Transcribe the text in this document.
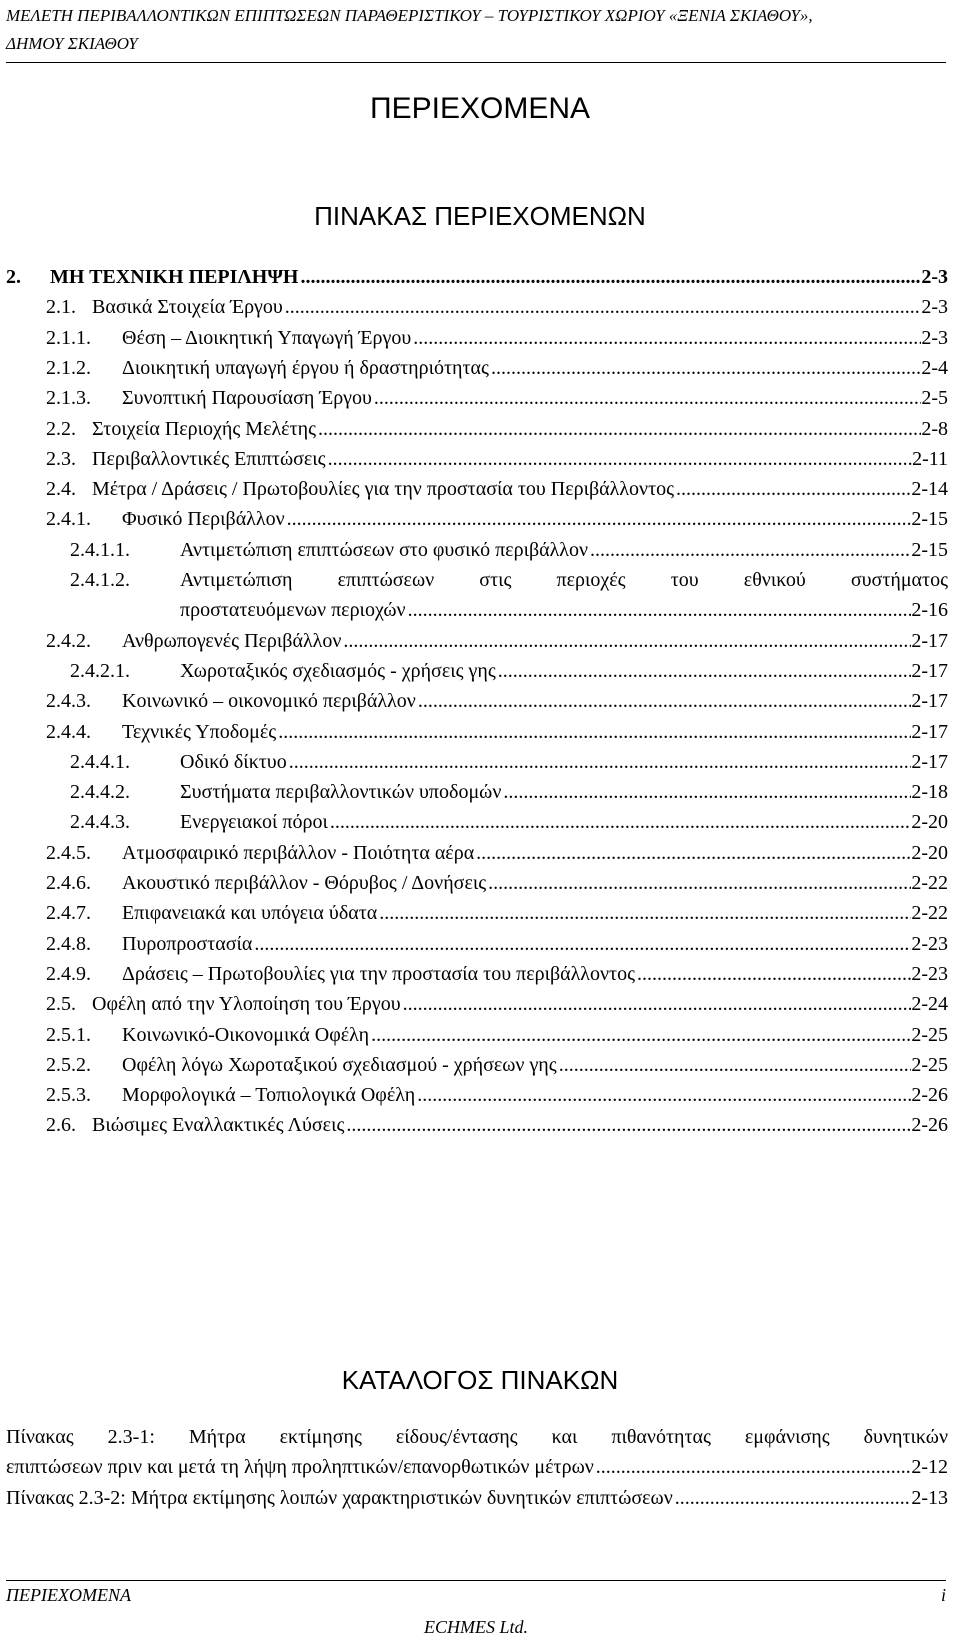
ΜΕΛΕΤΗ ΠΕΡΙΒΑΛΛΟΝΤΙΚΩΝ ΕΠΙΠΤΩΣΕΩΝ ΠΑΡΑΘΕΡΙΣΤΙΚΟΥ – ΤΟΥΡΙΣΤΙΚΟΥ ΧΩΡΙΟΥ «ΞΕΝΙΑ ΣΚΙΑΘΟΥ»,
ΔΗΜΟΥ ΣΚΙΑΘΟΥ
ΠΕΡΙΕΧΟΜΕΝΑ
ΠΙΝΑΚΑΣ ΠΕΡΙΕΧΟΜΕΝΩΝ
2. ΜΗ ΤΕΧΝΙΚΗ ΠΕΡΙΛΗΨΗ .....	2-3
2.1. Βασικά Στοιχεία Έργου .....	2-3
2.1.1. Θέση – Διοικητική Υπαγωγή Έργου .....	2-3
2.1.2. Διοικητική υπαγωγή έργου ή δραστηριότητας .....	2-4
2.1.3. Συνοπτική Παρουσίαση Έργου .....	2-5
2.2. Στοιχεία Περιοχής Μελέτης .....	2-8
2.3. Περιβαλλοντικές Επιπτώσεις .....	2-11
2.4. Μέτρα / Δράσεις / Πρωτοβουλίες για την προστασία του Περιβάλλοντος .....	2-14
2.4.1. Φυσικό Περιβάλλον .....	2-15
2.4.1.1.	Αντιμετώπιση επιπτώσεων στο φυσικό περιβάλλον .....	2-15
2.4.1.2.	Αντιμετώπιση επιπτώσεων στις περιοχές του εθνικού συστήματος
προστατευόμενων περιοχών .....	2-16
2.4.2. Ανθρωπογενές Περιβάλλον .....	2-17
2.4.2.1.	Χωροταξικός σχεδιασμός - χρήσεις γης .....	2-17
2.4.3. Κοινωνικό – οικονομικό περιβάλλον .....	2-17
2.4.4. Τεχνικές Υποδομές .....	2-17
2.4.4.1.	Οδικό δίκτυο .....	2-17
2.4.4.2.	Συστήματα περιβαλλοντικών υποδομών .....	2-18
2.4.4.3.	Ενεργειακοί πόροι .....	2-20
2.4.5. Ατμοσφαιρικό περιβάλλον - Ποιότητα αέρα .....	2-20
2.4.6. Ακουστικό περιβάλλον - Θόρυβος / Δονήσεις .....	2-22
2.4.7. Επιφανειακά και υπόγεια ύδατα .....	2-22
2.4.8. Πυροπροστασία .....	2-23
2.4.9. Δράσεις – Πρωτοβουλίες για την προστασία του περιβάλλοντος .....	2-23
2.5. Οφέλη από την Υλοποίηση του Έργου .....	2-24
2.5.1. Κοινωνικό-Οικονομικά Οφέλη .....	2-25
2.5.2. Οφέλη λόγω Χωροταξικού σχεδιασμού - χρήσεων γης .....	2-25
2.5.3. Μορφολογικά – Τοπιολογικά Οφέλη .....	2-26
2.6. Βιώσιμες Εναλλακτικές Λύσεις .....	2-26
ΚΑΤΑΛΟΓΟΣ ΠΙΝΑΚΩΝ
Πίνακας 2.3-1: Μήτρα εκτίμησης είδους/έντασης και πιθανότητας εμφάνισης δυνητικών
επιπτώσεων πριν και μετά τη λήψη προληπτικών/επανορθωτικών μέτρων .....	2-12
Πίνακας 2.3-2: Μήτρα εκτίμησης λοιπών χαρακτηριστικών δυνητικών επιπτώσεων .....	2-13
ΠΕΡΙΕΧΟΜΕΝΑ	i
ECHMES Ltd.
